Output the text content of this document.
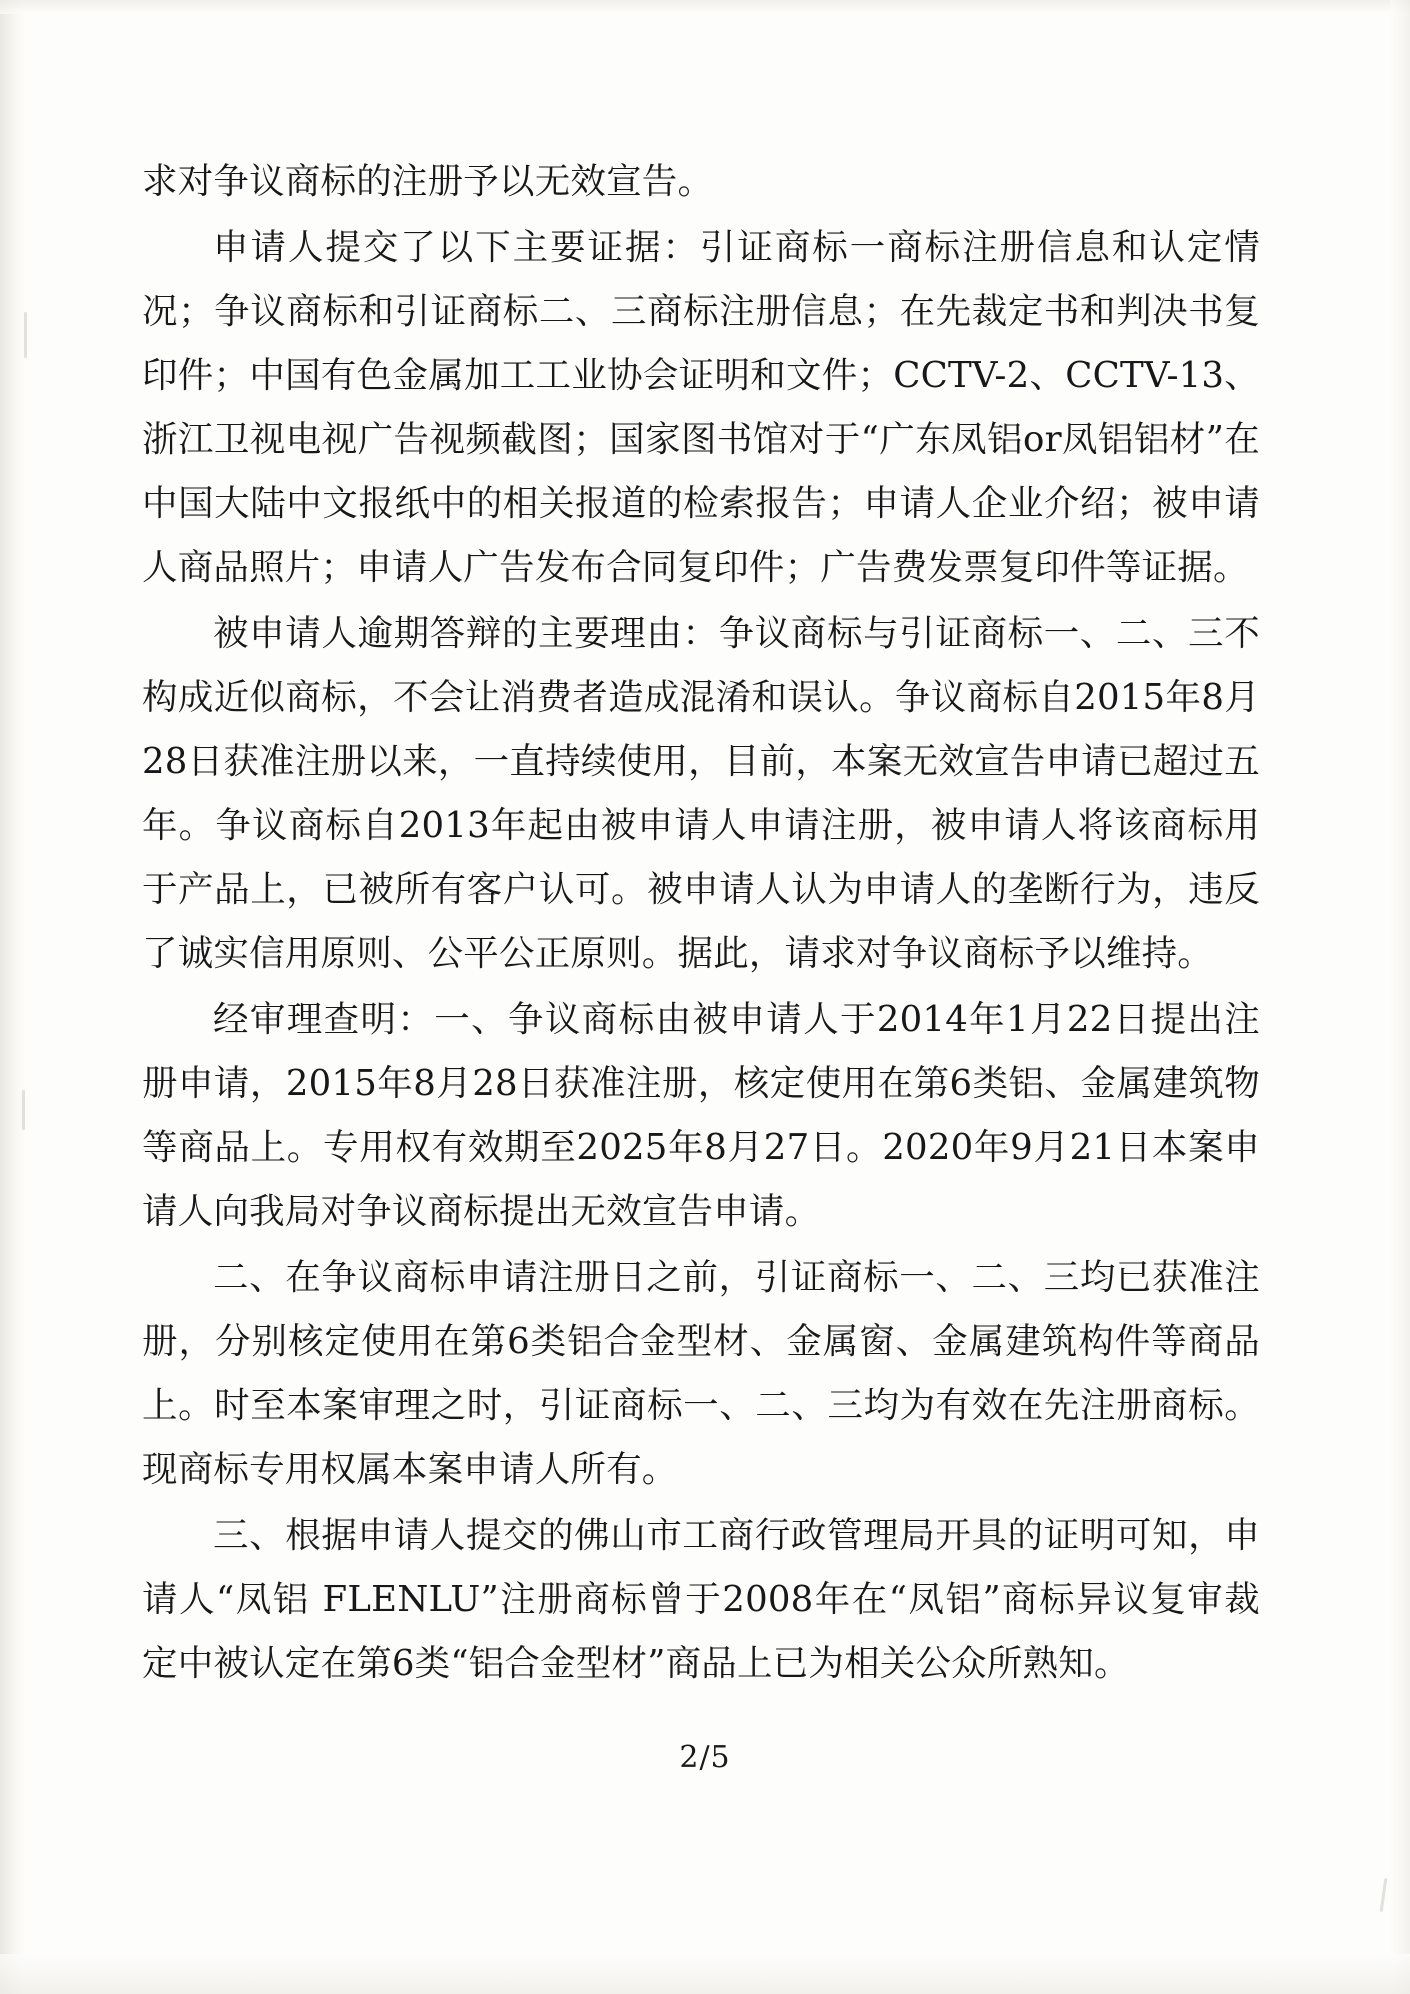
求对争议商标的注册予以无效宣告。

申请人提交了以下主要证据：引证商标一商标注册信息和认定情况；争议商标和引证商标二、三商标注册信息；在先裁定书和判决书复印件；中国有色金属加工工业协会证明和文件；CCTV-2、CCTV-13、浙江卫视电视广告视频截图；国家图书馆对于“广东凤铝or凤铝铝材”在中国大陆中文报纸中的相关报道的检索报告；申请人企业介绍；被申请人商品照片；申请人广告发布合同复印件；广告费发票复印件等证据。

被申请人逾期答辩的主要理由：争议商标与引证商标一、二、三不构成近似商标，不会让消费者造成混淆和误认。争议商标自2015年8月28日获准注册以来，一直持续使用，目前，本案无效宣告申请已超过五年。争议商标自2013年起由被申请人申请注册，被申请人将该商标用于产品上，已被所有客户认可。被申请人认为申请人的垄断行为，违反了诚实信用原则、公平公正原则。据此，请求对争议商标予以维持。

经审理查明：一、争议商标由被申请人于2014年1月22日提出注册申请，2015年8月28日获准注册，核定使用在第6类铝、金属建筑物等商品上。专用权有效期至2025年8月27日。2020年9月21日本案申请人向我局对争议商标提出无效宣告申请。

二、在争议商标申请注册日之前，引证商标一、二、三均已获准注册，分别核定使用在第6类铝合金型材、金属窗、金属建筑构件等商品上。时至本案审理之时，引证商标一、二、三均为有效在先注册商标。现商标专用权属本案申请人所有。

三、根据申请人提交的佛山市工商行政管理局开具的证明可知，申请人“凤铝 FLENLU”注册商标曾于2008年在“凤铝”商标异议复审裁定中被认定在第6类“铝合金型材”商品上已为相关公众所熟知。

2/5
